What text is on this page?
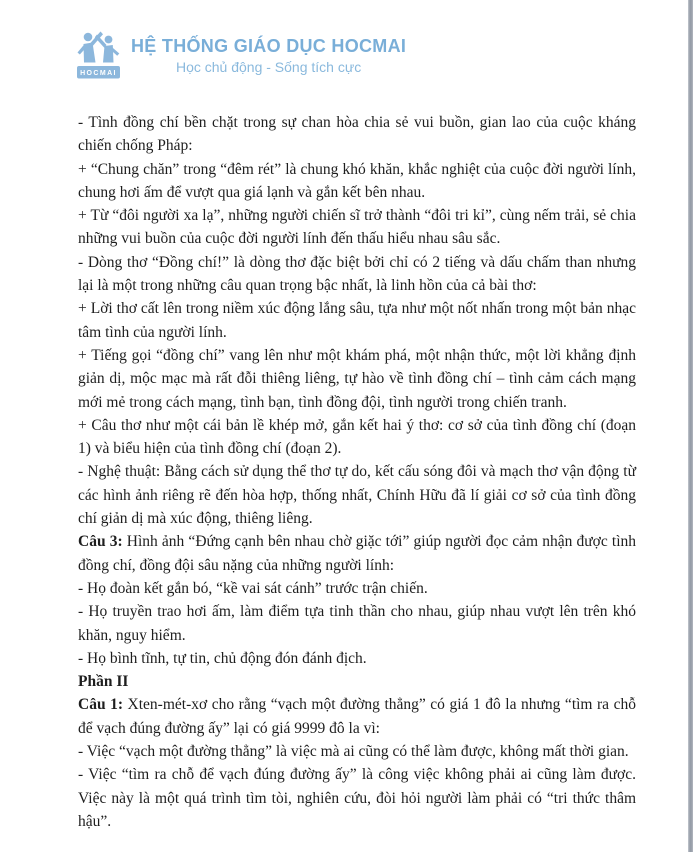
HOCMAI
HỆ THỐNG GIÁO DỤC HOCMAI
Học chủ động - Sống tích cực

- Tình đồng chí bền chặt trong sự chan hòa chia sẻ vui buồn, gian lao của cuộc kháng chiến chống Pháp:

+ “Chung chăn” trong “đêm rét” là chung khó khăn, khắc nghiệt của cuộc đời người lính, chung hơi ấm để vượt qua giá lạnh và gắn kết bên nhau.

+ Từ “đôi người xa lạ”, những người chiến sĩ trở thành “đôi tri kỉ”, cùng nếm trải, sẻ chia những vui buồn của cuộc đời người lính đến thấu hiểu nhau sâu sắc.

- Dòng thơ “Đồng chí!” là dòng thơ đặc biệt bởi chỉ có 2 tiếng và dấu chấm than nhưng lại là một trong những câu quan trọng bậc nhất, là linh hồn của cả bài thơ:

+ Lời thơ cất lên trong niềm xúc động lắng sâu, tựa như một nốt nhấn trong một bản nhạc tâm tình của người lính.

+ Tiếng gọi “đồng chí” vang lên như một khám phá, một nhận thức, một lời khẳng định giản dị, mộc mạc mà rất đỗi thiêng liêng, tự hào về tình đồng chí – tình cảm cách mạng mới mẻ trong cách mạng, tình bạn, tình đồng đội, tình người trong chiến tranh.

+ Câu thơ như một cái bản lề khép mở, gắn kết hai ý thơ: cơ sở của tình đồng chí (đoạn 1) và biểu hiện của tình đồng chí (đoạn 2).

- Nghệ thuật: Bằng cách sử dụng thể thơ tự do, kết cấu sóng đôi và mạch thơ vận động từ các hình ảnh riêng rẽ đến hòa hợp, thống nhất, Chính Hữu đã lí giải cơ sở của tình đồng chí giản dị mà xúc động, thiêng liêng.

Câu 3: Hình ảnh “Đứng cạnh bên nhau chờ giặc tới” giúp người đọc cảm nhận được tình đồng chí, đồng đội sâu nặng của những người lính:

- Họ đoàn kết gắn bó, “kề vai sát cánh” trước trận chiến.

- Họ truyền trao hơi ấm, làm điểm tựa tinh thần cho nhau, giúp nhau vượt lên trên khó khăn, nguy hiểm.

- Họ bình tĩnh, tự tin, chủ động đón đánh địch.

Phần II

Câu 1: Xten-mét-xơ cho rằng “vạch một đường thẳng” có giá 1 đô la nhưng “tìm ra chỗ để vạch đúng đường ấy” lại có giá 9999 đô la vì:

- Việc “vạch một đường thẳng” là việc mà ai cũng có thể làm được, không mất thời gian.

- Việc “tìm ra chỗ để vạch đúng đường ấy” là công việc không phải ai cũng làm được. Việc này là một quá trình tìm tòi, nghiên cứu, đòi hỏi người làm phải có “tri thức thâm hậu”.
